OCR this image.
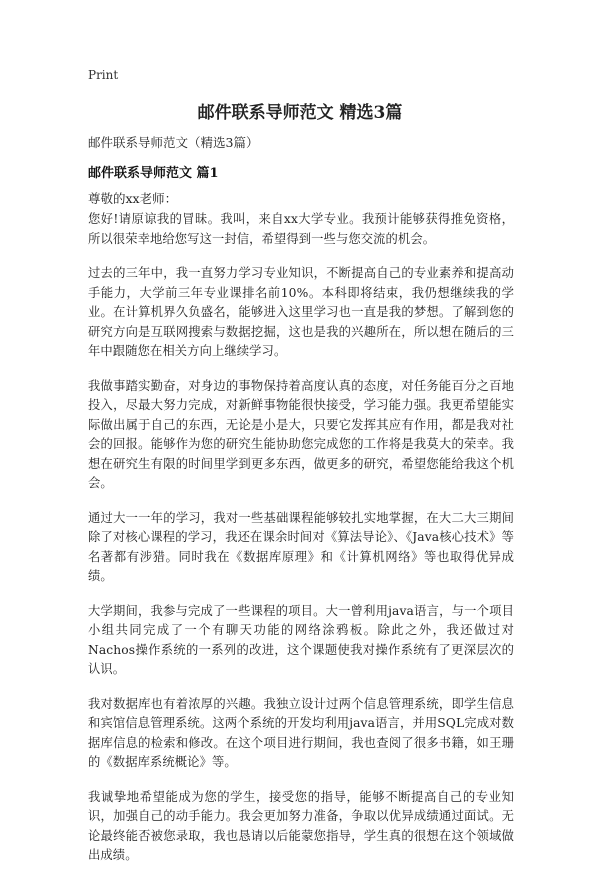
Print
邮件联系导师范文 精选3篇
邮件联系导师范文（精选3篇）
邮件联系导师范文 篇1
尊敬的xx老师：

您好!请原谅我的冒昧。我叫，来自xx大学专业。我预计能够获得推免资格，所以很荣幸地给您写这一封信，希望得到一些与您交流的机会。

过去的三年中，我一直努力学习专业知识，不断提高自己的专业素养和提高动手能力，大学前三年专业课排名前10%。本科即将结束，我仍想继续我的学业。在计算机界久负盛名，能够进入这里学习也一直是我的梦想。了解到您的研究方向是互联网搜索与数据挖掘，这也是我的兴趣所在，所以想在随后的三年中跟随您在相关方向上继续学习。

我做事踏实勤奋，对身边的事物保持着高度认真的态度，对任务能百分之百地投入，尽最大努力完成，对新鲜事物能很快接受，学习能力强。我更希望能实际做出属于自己的东西，无论是小是大，只要它发挥其应有作用，都是我对社会的回报。能够作为您的研究生能协助您完成您的工作将是我莫大的荣幸。我想在研究生有限的时间里学到更多东西，做更多的研究，希望您能给我这个机会。

通过大一一年的学习，我对一些基础课程能够较扎实地掌握，在大二大三期间除了对核心课程的学习，我还在课余时间对《算法导论》、《Java核心技术》等名著都有涉猎。同时我在《数据库原理》和《计算机网络》等也取得优异成绩。

大学期间，我参与完成了一些课程的项目。大一曾利用java语言，与一个项目小组共同完成了一个有聊天功能的网络涂鸦板。除此之外，我还做过对Nachos操作系统的一系列的改进，这个课题使我对操作系统有了更深层次的认识。

我对数据库也有着浓厚的兴趣。我独立设计过两个信息管理系统，即学生信息和宾馆信息管理系统。这两个系统的开发均利用java语言，并用SQL完成对数据库信息的检索和修改。在这个项目进行期间，我也查阅了很多书籍，如王珊的《数据库系统概论》等。

我诚挚地希望能成为您的学生，接受您的指导，能够不断提高自己的专业知识，加强自己的动手能力。我会更加努力准备，争取以优异成绩通过面试。无论最终能否被您录取，我也恳请以后能蒙您指导，学生真的很想在这个领域做出成绩。
